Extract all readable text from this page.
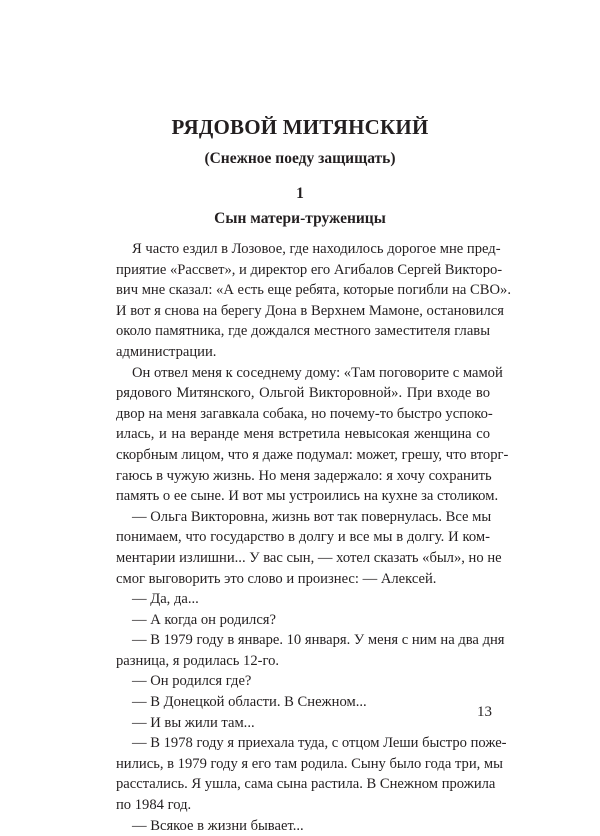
РЯДОВОЙ МИТЯНСКИЙ
(Снежное поеду защищать)
1
Сын матери-труженицы
Я часто ездил в Лозовое, где находилось дорогое мне пред-
приятие «Рассвет», и директор его Агибалов Сергей Викторо-
вич мне сказал: «А есть еще ребята, которые погибли на СВО».
И вот я снова на берегу Дона в Верхнем Мамоне, остановился
около памятника, где дождался местного заместителя главы
администрации.
Он отвел меня к соседнему дому: «Там поговорите с мамой
рядового Митянского, Ольгой Викторовной». При входе во
двор на меня загавкала собака, но почему-то быстро успоко-
илась, и на веранде меня встретила невысокая женщина со
скорбным лицом, что я даже подумал: может, грешу, что вторг-
гаюсь в чужую жизнь. Но меня задержало: я хочу сохранить
память о ее сыне. И вот мы устроились на кухне за столиком.
— Ольга Викторовна, жизнь вот так повернулась. Все мы
понимаем, что государство в долгу и все мы в долгу. И ком-
ментарии излишни... У вас сын, — хотел сказать «был», но не
смог выговорить это слово и произнес: — Алексей.
— Да, да...
— А когда он родился?
— В 1979 году в январе. 10 января. У меня с ним на два дня
разница, я родилась 12-го.
— Он родился где?
— В Донецкой области. В Снежном...
— И вы жили там...
— В 1978 году я приехала туда, с отцом Леши быстро поже-
нились, в 1979 году я его там родила. Сыну было года три, мы
расстались. Я ушла, сама сына растила. В Снежном прожила
по 1984 год.
— Всякое в жизни бывает...
13
